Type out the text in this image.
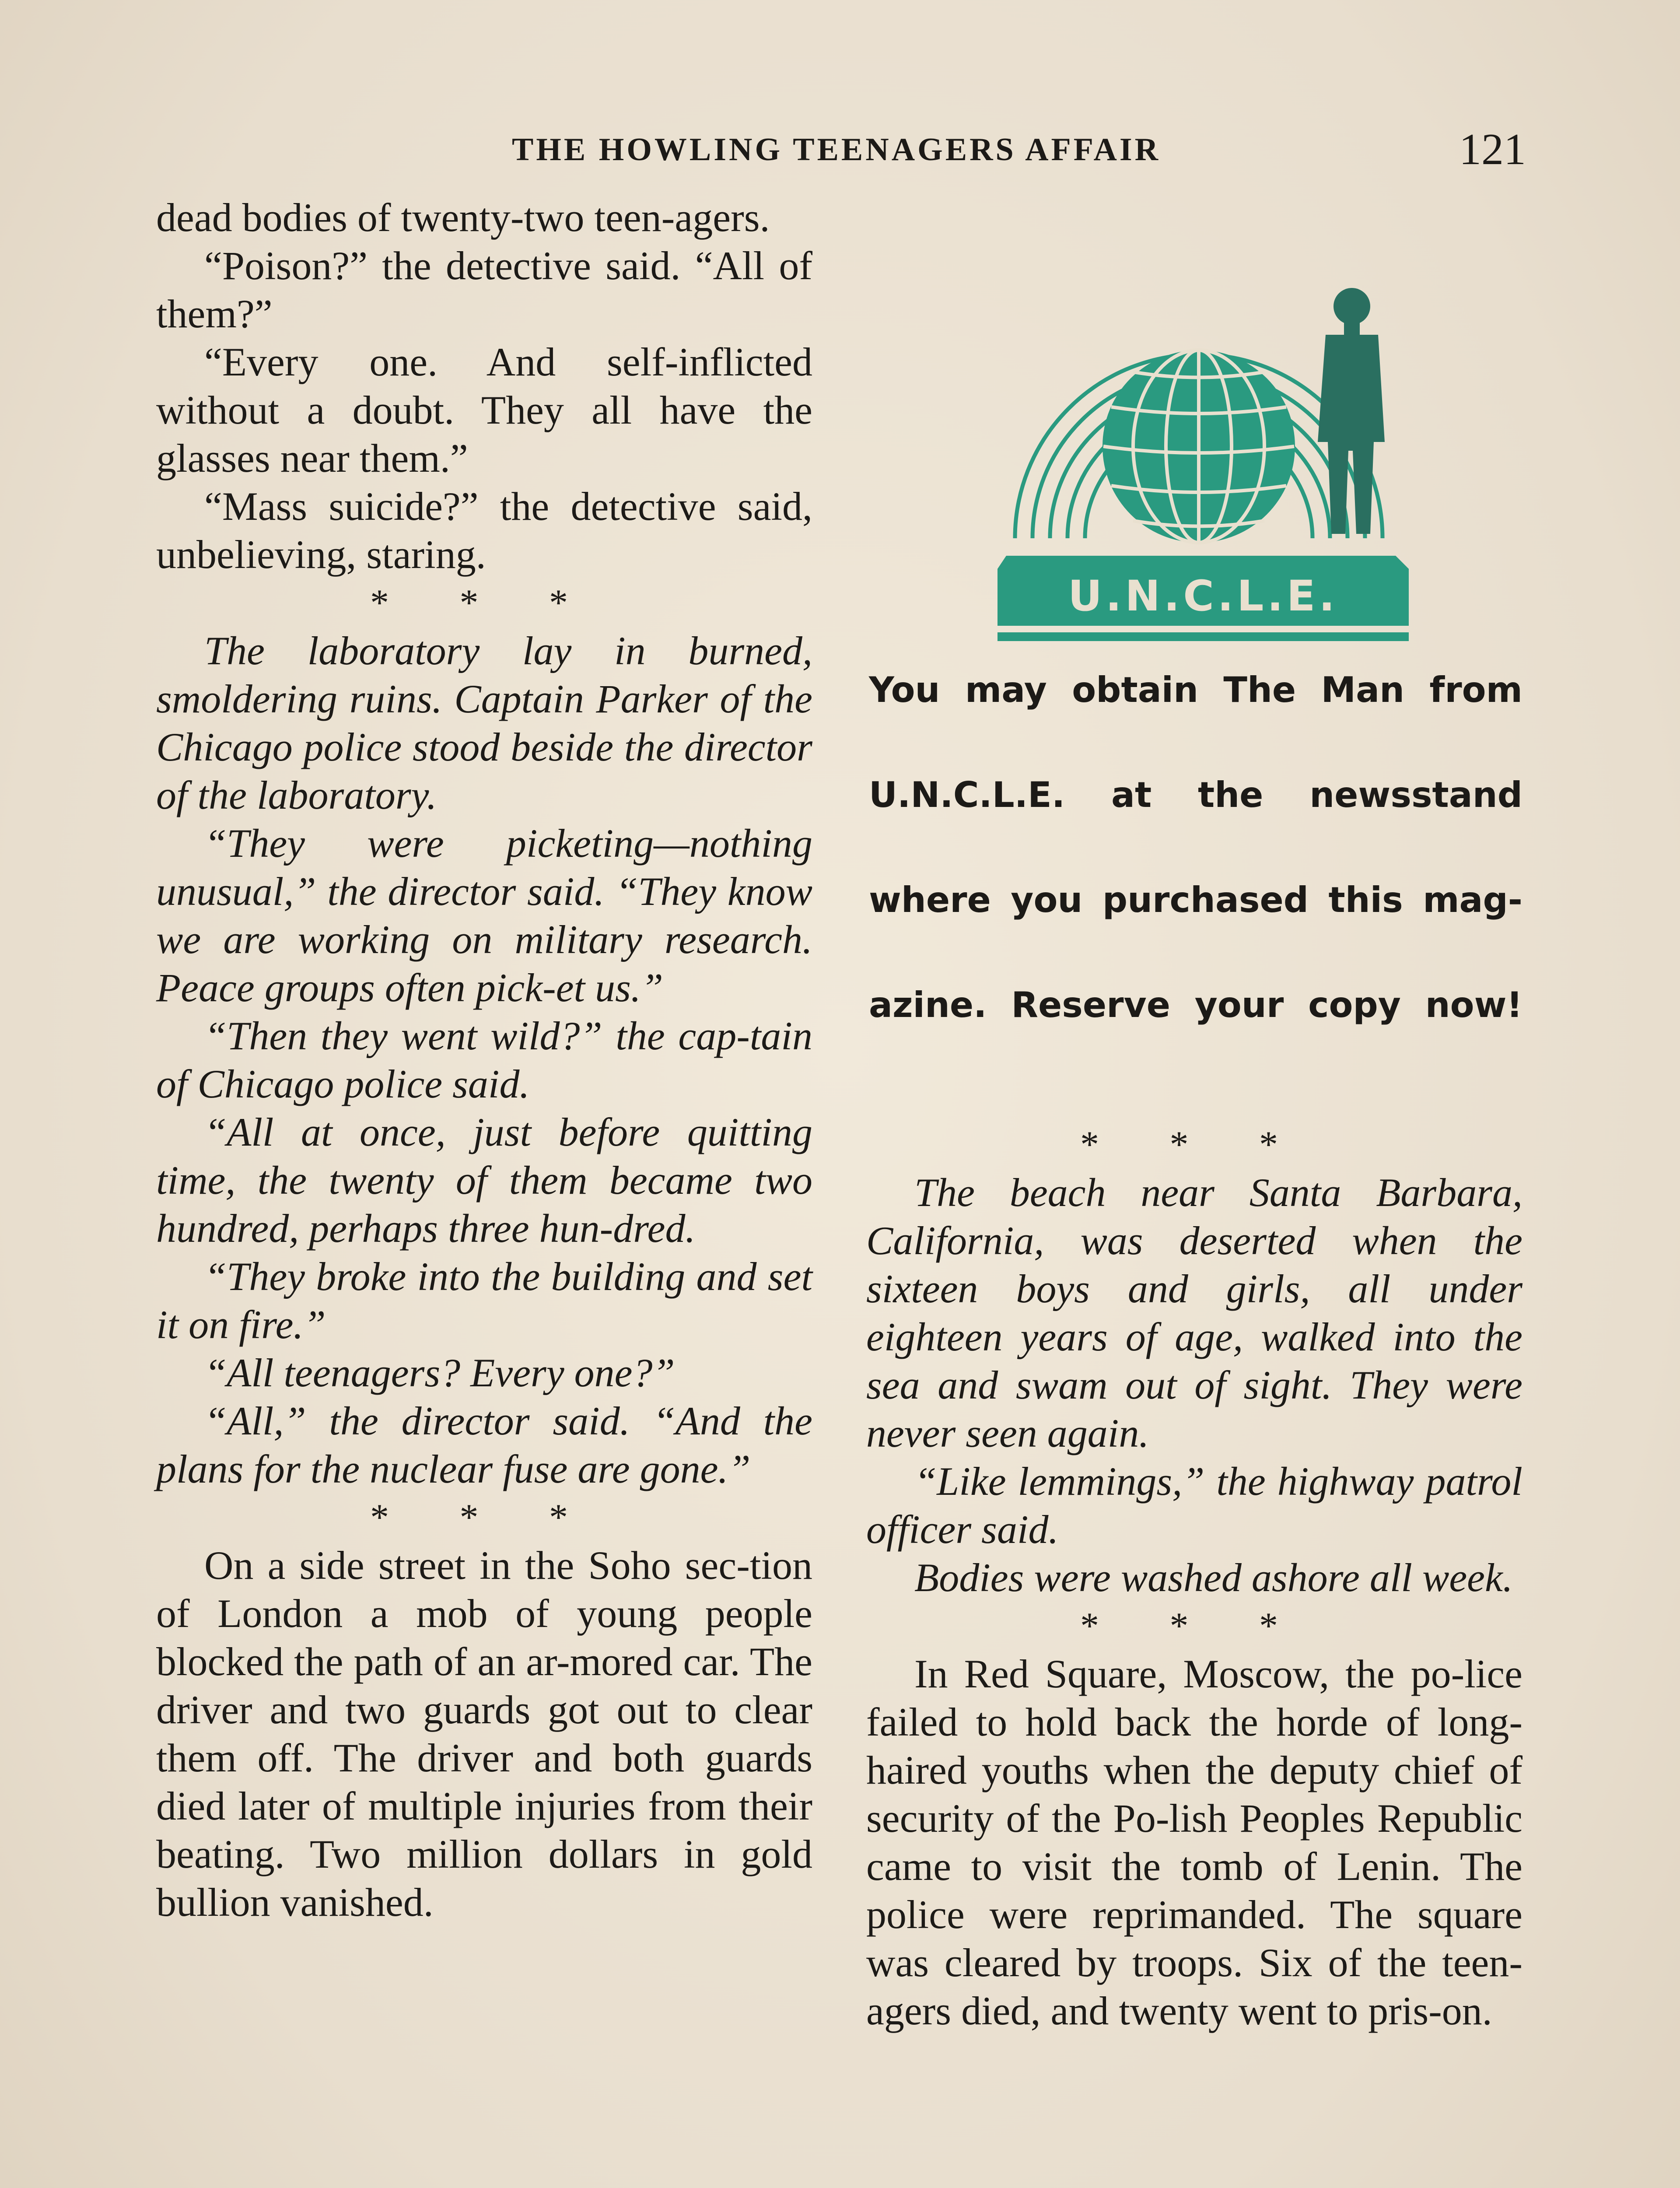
THE HOWLING TEENAGERS AFFAIR	121

dead bodies of twenty-two teen-agers.

“Poison?” the detective said. “All of them?”

“Every one. And self-inflicted without a doubt. They all have the glasses near them.”

“Mass suicide?” the detective said, unbelieving, staring.

* * *

The laboratory lay in burned, smoldering ruins. Captain Parker of the Chicago police stood beside the director of the laboratory.

“They were picketing—nothing unusual,” the director said. “They know we are working on military research. Peace groups often pick-et us.”

“Then they went wild?” the cap-tain of Chicago police said.

“All at once, just before quitting time, the twenty of them became two hundred, perhaps three hun-dred.

“They broke into the building and set it on fire.”

“All teenagers? Every one?”

“All,” the director said. “And the plans for the nuclear fuse are gone.”

* * *

On a side street in the Soho sec-tion of London a mob of young people blocked the path of an ar-mored car. The driver and two guards got out to clear them off. The driver and both guards died later of multiple injuries from their beating. Two million dollars in gold bullion vanished.

U.N.C.L.E.
You may obtain The Man from
U.N.C.L.E. at the newsstand
where you purchased this mag-
azine. Reserve your copy now!
* * *

The beach near Santa Barbara, California, was deserted when the sixteen boys and girls, all under eighteen years of age, walked into the sea and swam out of sight. They were never seen again.

“Like lemmings,” the highway patrol officer said.

Bodies were washed ashore all week.

* * *

In Red Square, Moscow, the po-lice failed to hold back the horde of long-haired youths when the deputy chief of security of the Po-lish Peoples Republic came to visit the tomb of Lenin. The police were reprimanded. The square was cleared by troops. Six of the teen-agers died, and twenty went to pris-on.
